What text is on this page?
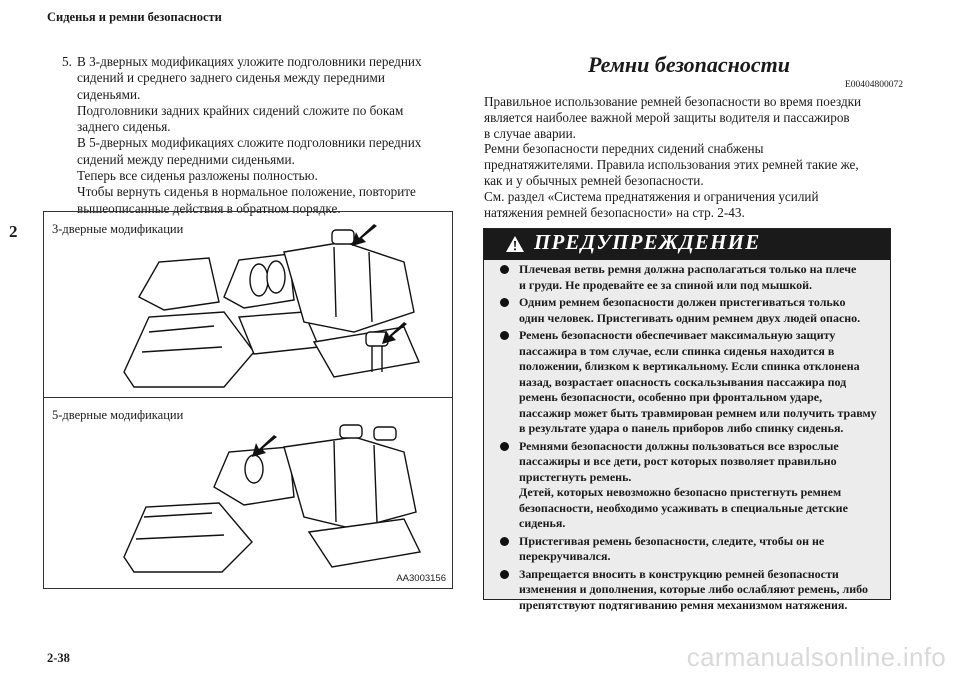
Сиденья и ремни безопасности
2
2-38
5. В 3-дверных модификациях уложите подголовники передних

сидений и среднего заднего сиденья между передними

сиденьями.

Подголовники задних крайних сидений сложите по бокам

заднего сиденья.

В 5-дверных модификациях сложите подголовники передних

сидений между передними сиденьями.

Теперь все сиденья разложены полностью.

Чтобы вернуть сиденья в нормальное положение, повторите

вышеописанные действия в обратном порядке.

3-дверные модификации
5-дверные модификации
AA3003156
Ремни безопасности
E00404800072

Правильное использование ремней безопасности во время поездки

является наиболее важной мерой защиты водителя и пассажиров

в случае аварии.

Ремни безопасности передних сидений снабжены

преднатяжителями. Правила использования этих ремней такие же,

как и у обычных ремней безопасности.

См. раздел «Система преднатяжения и ограничения усилий

натяжения ремней безопасности» на стр. 2-43.

ПРЕДУПРЕЖДЕНИЕ
Плечевая ветвь ремня должна располагаться только на плече
и груди. Не продевайте ее за спиной или под мышкой.
Одним ремнем безопасности должен пристегиваться только
один человек. Пристегивать одним ремнем двух людей опасно.
Ремень безопасности обеспечивает максимальную защиту
пассажира в том случае, если спинка сиденья находится в
положении, близком к вертикальному. Если спинка отклонена
назад, возрастает опасность соскальзывания пассажира под
ремень безопасности, особенно при фронтальном ударе,
пассажир может быть травмирован ремнем или получить травму
в результате удара о панель приборов либо спинку сиденья.
Ремнями безопасности должны пользоваться все взрослые
пассажиры и все дети, рост которых позволяет правильно
пристегнуть ремень.
Детей, которых невозможно безопасно пристегнуть ремнем
безопасности, необходимо усаживать в специальные детские
сиденья.
Пристегивая ремень безопасности, следите, чтобы он не
перекручивался.
Запрещается вносить в конструкцию ремней безопасности
изменения и дополнения, которые либо ослабляют ремень, либо
препятствуют подтягиванию ремня механизмом натяжения.
carmanualsonline.info
